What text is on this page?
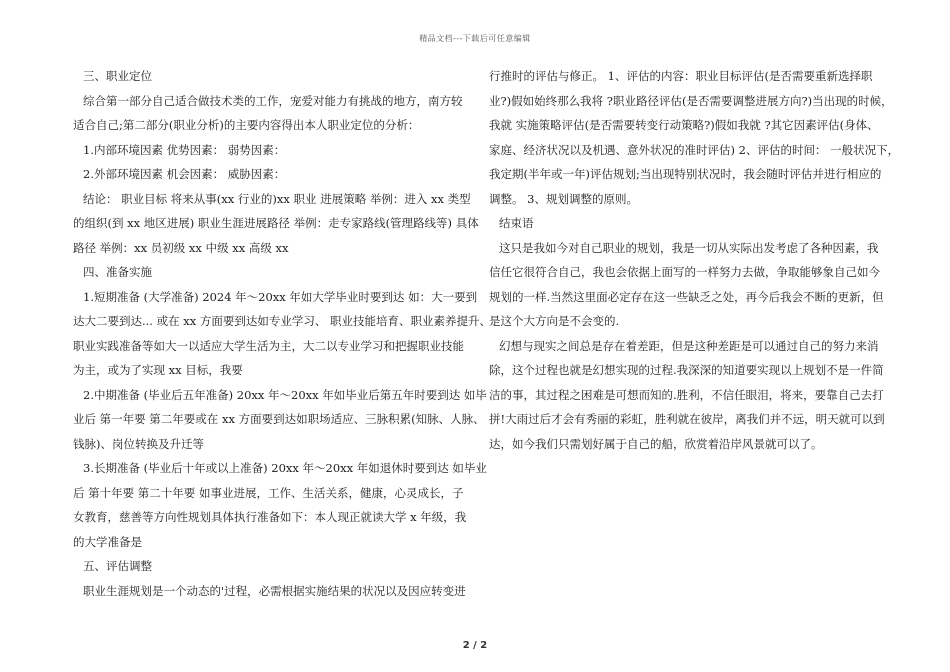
精品文档---下载后可任意编辑
三、职业定位
综合第一部分自己适合做技术类的工作，宠爱对能力有挑战的地方，南方较
适合自己;第二部分(职业分析)的主要内容得出本人职业定位的分析：
1.内部环境因素 优势因素： 弱势因素：
2.外部环境因素 机会因素： 威胁因素：
结论： 职业目标 将来从事(xx 行业的)xx 职业 进展策略 举例：进入 xx 类型
的组织(到 xx 地区进展) 职业生涯进展路径 举例：走专家路线(管理路线等) 具体
路径 举例：xx 员初级 xx 中级 xx 高级 xx
四、准备实施
1.短期准备 (大学准备) 2024 年～20xx 年如大学毕业时要到达 如：大一要到
达大二要到达... 或在 xx 方面要到达如专业学习、 职业技能培育、职业素养提升、
职业实践准备等如大一以适应大学生活为主，大二以专业学习和把握职业技能
为主，或为了实现 xx 目标，我要
2.中期准备 (毕业后五年准备) 20xx 年～20xx 年如毕业后第五年时要到达 如毕
业后 第一年要 第二年要或在 xx 方面要到达如职场适应、三脉积累(知脉、人脉、
钱脉)、岗位转换及升迁等
3.长期准备 (毕业后十年或以上准备) 20xx 年～20xx 年如退休时要到达 如毕业
后 第十年要 第二十年要 如事业进展，工作、生活关系，健康，心灵成长，子
女教育，慈善等方向性规划具体执行准备如下：本人现正就读大学 x 年级，我
的大学准备是
五、评估调整
职业生涯规划是一个动态的'过程，必需根据实施结果的状况以及因应转变进
行推时的评估与修正。 1、评估的内容：职业目标评估(是否需要重新选择职
业?)假如始终那么我将 ?职业路径评估(是否需要调整进展方向?)当出现的时候，
我就 实施策略评估(是否需要转变行动策略?)假如我就 ?其它因素评估(身体、
家庭、经济状况以及机遇、意外状况的准时评估) 2、评估的时间： 一般状况下，
我定期(半年或一年)评估规划;当出现特别状况时，我会随时评估并进行相应的
调整。 3、规划调整的原则。
结束语
这只是我如今对自己职业的规划，我是一切从实际出发考虑了各种因素，我
信任它很符合自己，我也会依据上面写的一样努力去做，争取能够象自己如今
规划的一样.当然这里面必定存在这一些缺乏之处，再今后我会不断的更新，但
是这个大方向是不会变的.
幻想与现实之间总是存在着差距，但是这种差距是可以通过自己的努力来消
除，这个过程也就是幻想实现的过程.我深深的知道要实现以上规划不是一件简
洁的事，其过程之困难是可想而知的.胜利，不信任眼泪，将来，要靠自己去打
拼!大雨过后才会有秀丽的彩虹，胜利就在彼岸，离我们并不远，明天就可以到
达，如今我们只需划好属于自己的船，欣赏着沿岸风景就可以了。
2 / 2
